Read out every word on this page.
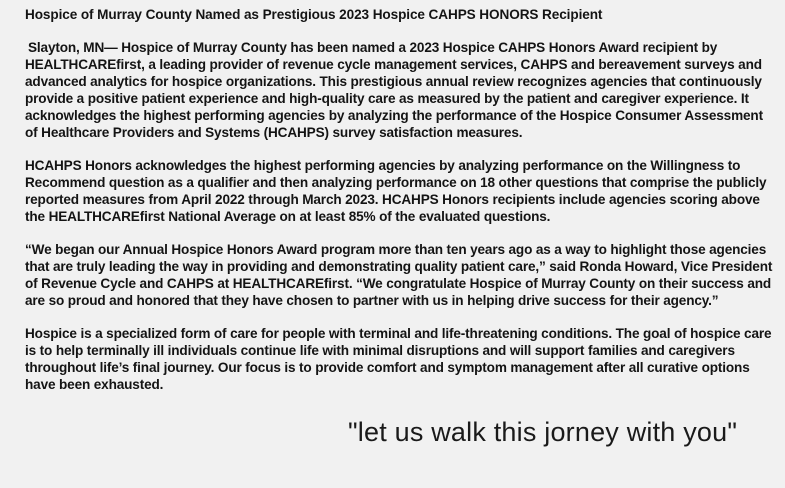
Hospice of Murray County Named as Prestigious 2023 Hospice CAHPS HONORS Recipient

Slayton, MN— Hospice of Murray County has been named a 2023 Hospice CAHPS Honors Award recipient by HEALTHCAREfirst, a leading provider of revenue cycle management services, CAHPS and bereavement surveys and advanced analytics for hospice organizations. This prestigious annual review recognizes agencies that continuously provide a positive patient experience and high-quality care as measured by the patient and caregiver experience. It acknowledges the highest performing agencies by analyzing the performance of the Hospice Consumer Assessment of Healthcare Providers and Systems (HCAHPS) survey satisfaction measures.

HCAHPS Honors acknowledges the highest performing agencies by analyzing performance on the Willingness to Recommend question as a qualifier and then analyzing performance on 18 other questions that comprise the publicly reported measures from April 2022 through March 2023. HCAHPS Honors recipients include agencies scoring above the HEALTHCAREfirst National Average on at least 85% of the evaluated questions.

“We began our Annual Hospice Honors Award program more than ten years ago as a way to highlight those agencies that are truly leading the way in providing and demonstrating quality patient care,” said Ronda Howard, Vice President of Revenue Cycle and CAHPS at HEALTHCAREfirst. “We congratulate Hospice of Murray County on their success and are so proud and honored that they have chosen to partner with us in helping drive success for their agency.”

Hospice is a specialized form of care for people with terminal and life-threatening conditions. The goal of hospice care is to help terminally ill individuals continue life with minimal disruptions and will support families and caregivers throughout life’s final journey. Our focus is to provide comfort and symptom management after all curative options have been exhausted.

"let us walk this jorney with you"
